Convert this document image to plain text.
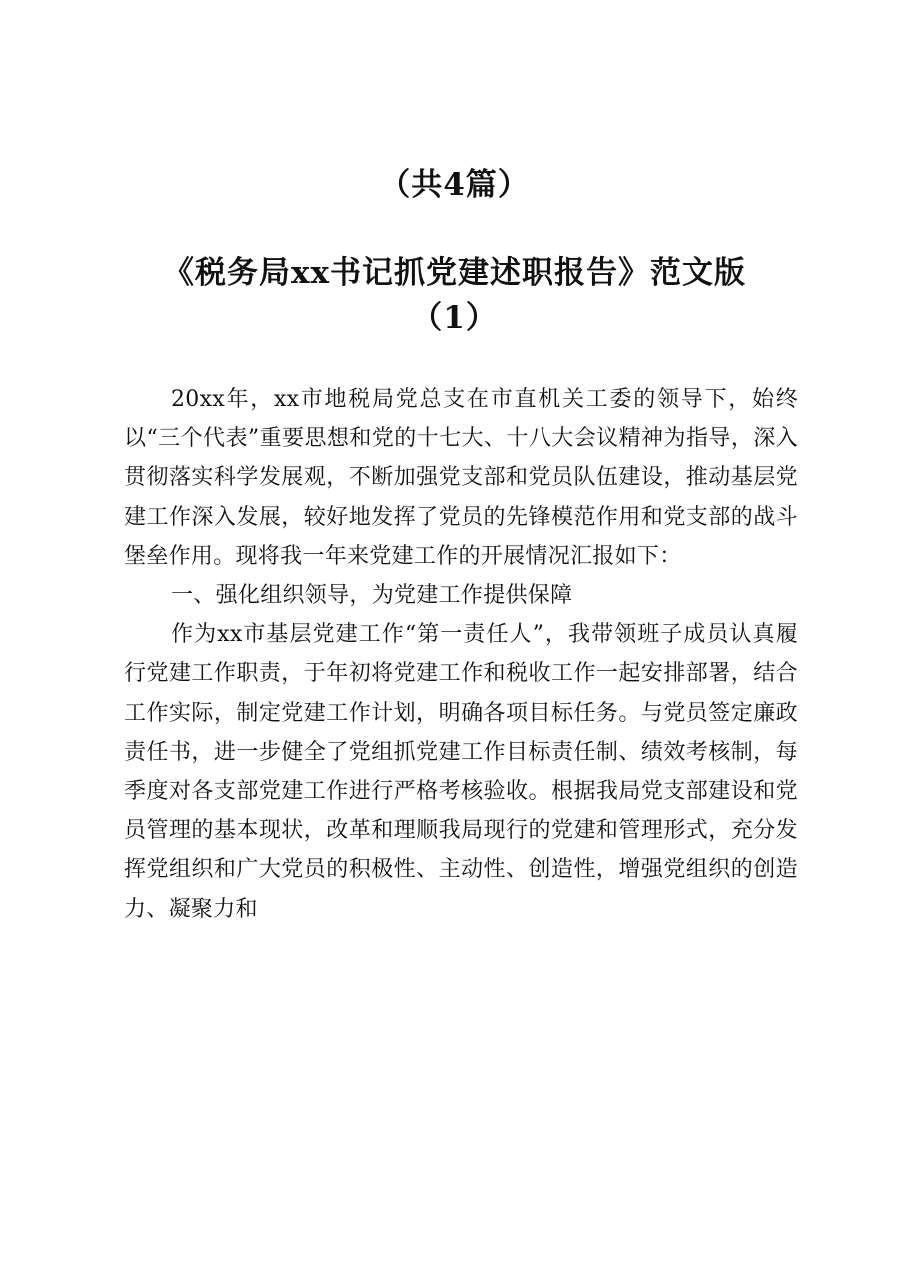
（共4篇）
《税务局xx书记抓党建述职报告》范文版
（1）

20xx年，xx市地税局党总支在市直机关工委的领导下，始终以“三个代表”重要思想和党的十七大、十八大会议精神为指导，深入贯彻落实科学发展观，不断加强党支部和党员队伍建设，推动基层党建工作深入发展，较好地发挥了党员的先锋模范作用和党支部的战斗堡垒作用。现将我一年来党建工作的开展情况汇报如下：

一、强化组织领导，为党建工作提供保障

作为xx市基层党建工作“第一责任人”，我带领班子成员认真履行党建工作职责，于年初将党建工作和税收工作一起安排部署，结合工作实际，制定党建工作计划，明确各项目标任务。与党员签定廉政责任书，进一步健全了党组抓党建工作目标责任制、绩效考核制，每季度对各支部党建工作进行严格考核验收。根据我局党支部建设和党员管理的基本现状，改革和理顺我局现行的党建和管理形式，充分发挥党组织和广大党员的积极性、主动性、创造性，增强党组织的创造力、凝聚力和
